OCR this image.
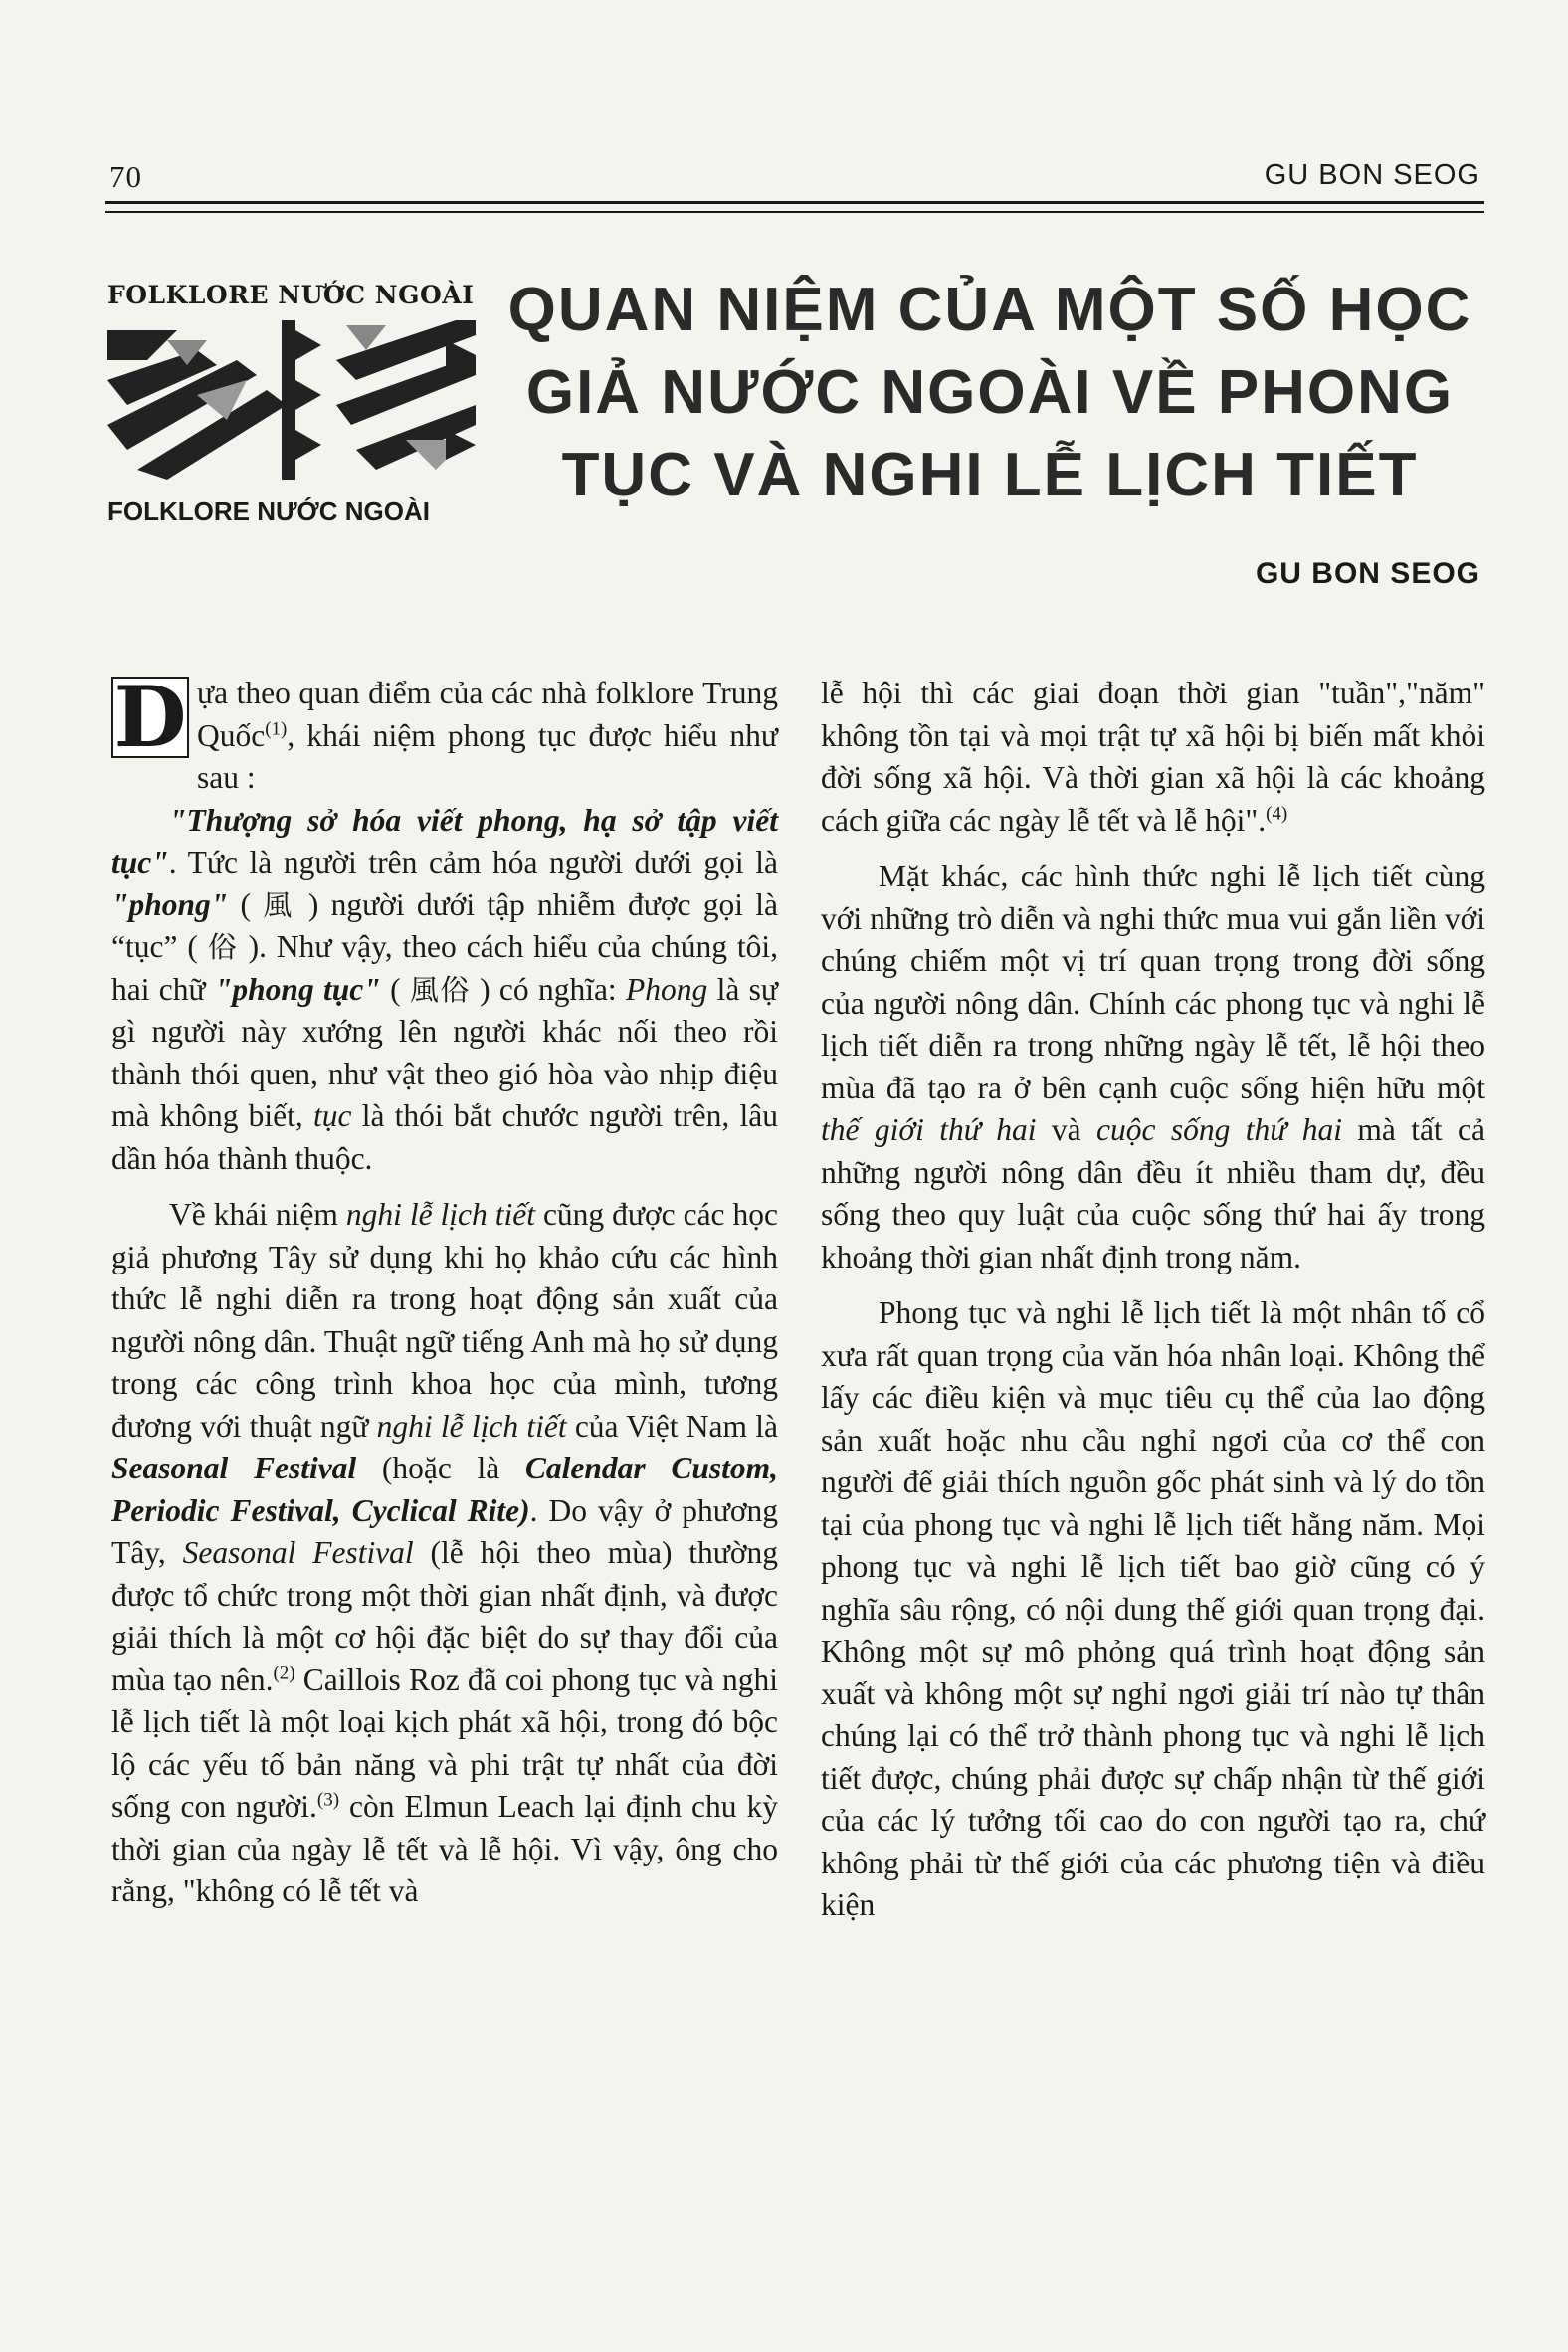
70	GU BON SEOG
FOLKLORE NƯỚC NGOÀI
FOLKLORE NƯỚC NGOÀI
QUAN NIỆM CỦA MỘT SỐ HỌC
GIẢ NƯỚC NGOÀI VỀ PHONG
TỤC VÀ NGHI LỄ LỊCH TIẾT
GU BON SEOG

D ựa theo quan điểm của các nhà folklore Trung Quốc$^{(1)}$, khái niệm phong tục được hiểu như sau :

"Thượng sở hóa viết phong, hạ sở tập viết tục". Tức là người trên cảm hóa người dưới gọi là "phong" ( 風 ) người dưới tập nhiễm được gọi là “tục” ( 俗 ). Như vậy, theo cách hiểu của chúng tôi, hai chữ "phong tục" ( 風俗 ) có nghĩa: Phong là sự gì người này xướng lên người khác nối theo rồi thành thói quen, như vật theo gió hòa vào nhịp điệu mà không biết, tục là thói bắt chước người trên, lâu dần hóa thành thuộc.

Về khái niệm nghi lễ lịch tiết cũng được các học giả phương Tây sử dụng khi họ khảo cứu các hình thức lễ nghi diễn ra trong hoạt động sản xuất của người nông dân. Thuật ngữ tiếng Anh mà họ sử dụng trong các công trình khoa học của mình, tương đương với thuật ngữ nghi lễ lịch tiết của Việt Nam là Seasonal Festival (hoặc là Calendar Custom, Periodic Festival, Cyclical Rite). Do vậy ở phương Tây, Seasonal Festival (lễ hội theo mùa) thường được tổ chức trong một thời gian nhất định, và được giải thích là một cơ hội đặc biệt do sự thay đổi của mùa tạo nên.$^{(2)}$ Caillois Roz đã coi phong tục và nghi lễ lịch tiết là một loại kịch phát xã hội, trong đó bộc lộ các yếu tố bản năng và phi trật tự nhất của đời sống con người.$^{(3)}$ còn Elmun Leach lại định chu kỳ thời gian của ngày lễ tết và lễ hội. Vì vậy, ông cho rằng, "không có lễ tết và

lễ hội thì các giai đoạn thời gian "tuần","năm" không tồn tại và mọi trật tự xã hội bị biến mất khỏi đời sống xã hội. Và thời gian xã hội là các khoảng cách giữa các ngày lễ tết và lễ hội".$^{(4)}$

Mặt khác, các hình thức nghi lễ lịch tiết cùng với những trò diễn và nghi thức mua vui gắn liền với chúng chiếm một vị trí quan trọng trong đời sống của người nông dân. Chính các phong tục và nghi lễ lịch tiết diễn ra trong những ngày lễ tết, lễ hội theo mùa đã tạo ra ở bên cạnh cuộc sống hiện hữu một thế giới thứ hai và cuộc sống thứ hai mà tất cả những người nông dân đều ít nhiều tham dự, đều sống theo quy luật của cuộc sống thứ hai ấy trong khoảng thời gian nhất định trong năm.

Phong tục và nghi lễ lịch tiết là một nhân tố cổ xưa rất quan trọng của văn hóa nhân loại. Không thể lấy các điều kiện và mục tiêu cụ thể của lao động sản xuất hoặc nhu cầu nghỉ ngơi của cơ thể con người để giải thích nguồn gốc phát sinh và lý do tồn tại của phong tục và nghi lễ lịch tiết hằng năm. Mọi phong tục và nghi lễ lịch tiết bao giờ cũng có ý nghĩa sâu rộng, có nội dung thế giới quan trọng đại. Không một sự mô phỏng quá trình hoạt động sản xuất và không một sự nghỉ ngơi giải trí nào tự thân chúng lại có thể trở thành phong tục và nghi lễ lịch tiết được, chúng phải được sự chấp nhận từ thế giới của các lý tưởng tối cao do con người tạo ra, chứ không phải từ thế giới của các phương tiện và điều kiện
